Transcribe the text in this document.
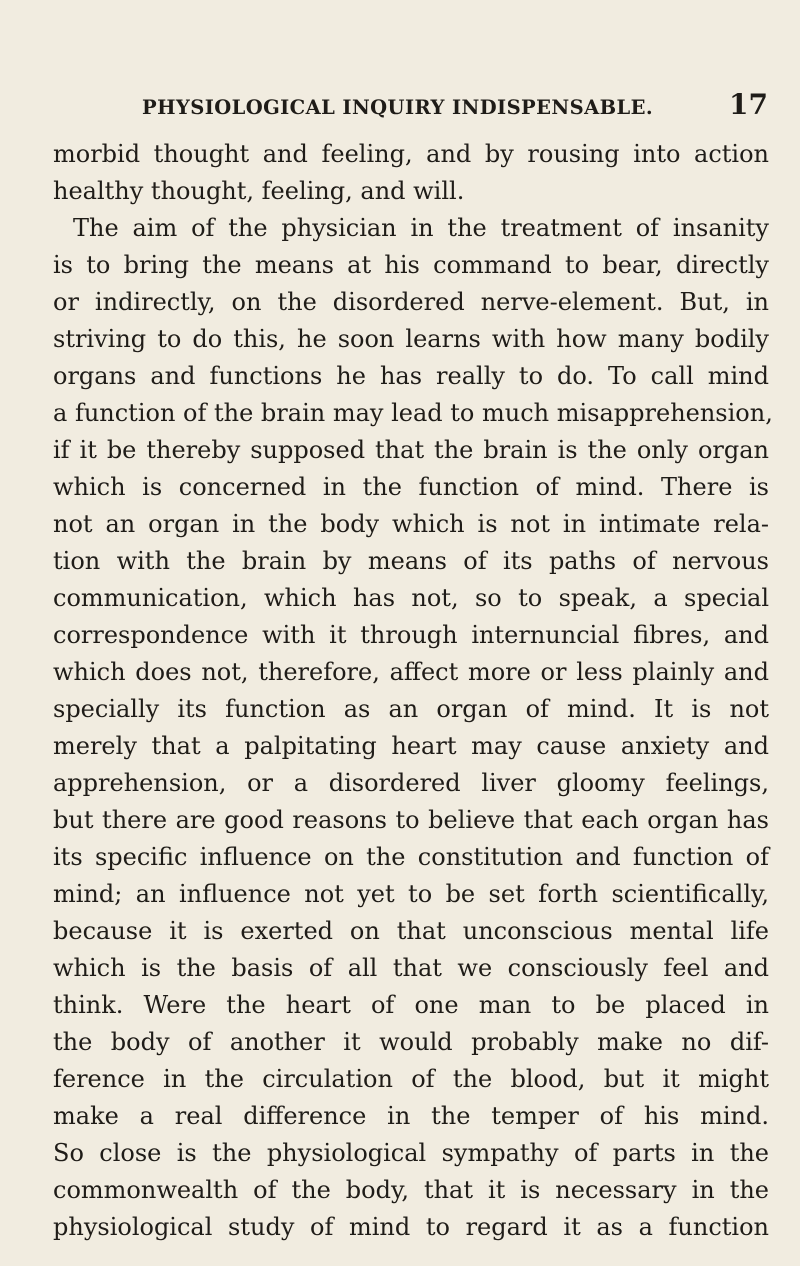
PHYSIOLOGICAL INQUIRY INDISPENSABLE.	17
morbid thought and feeling, and by rousing into action
healthy thought, feeling, and will.
The aim of the physician in the treatment of insanity
is to bring the means at his command to bear, directly
or indirectly, on the disordered nerve-element. But, in
striving to do this, he soon learns with how many bodily
organs and functions he has really to do. To call mind
a function of the brain may lead to much misapprehension,
if it be thereby supposed that the brain is the only organ
which is concerned in the function of mind. There is
not an organ in the body which is not in intimate rela-
tion with the brain by means of its paths of nervous
communication, which has not, so to speak, a special
correspondence with it through internuncial fibres, and
which does not, therefore, affect more or less plainly and
specially its function as an organ of mind. It is not
merely that a palpitating heart may cause anxiety and
apprehension, or a disordered liver gloomy feelings,
but there are good reasons to believe that each organ has
its specific influence on the constitution and function of
mind; an influence not yet to be set forth scientifically,
because it is exerted on that unconscious mental life
which is the basis of all that we consciously feel and
think. Were the heart of one man to be placed in
the body of another it would probably make no dif-
ference in the circulation of the blood, but it might
make a real difference in the temper of his mind.
So close is the physiological sympathy of parts in the
commonwealth of the body, that it is necessary in the
physiological study of mind to regard it as a function
